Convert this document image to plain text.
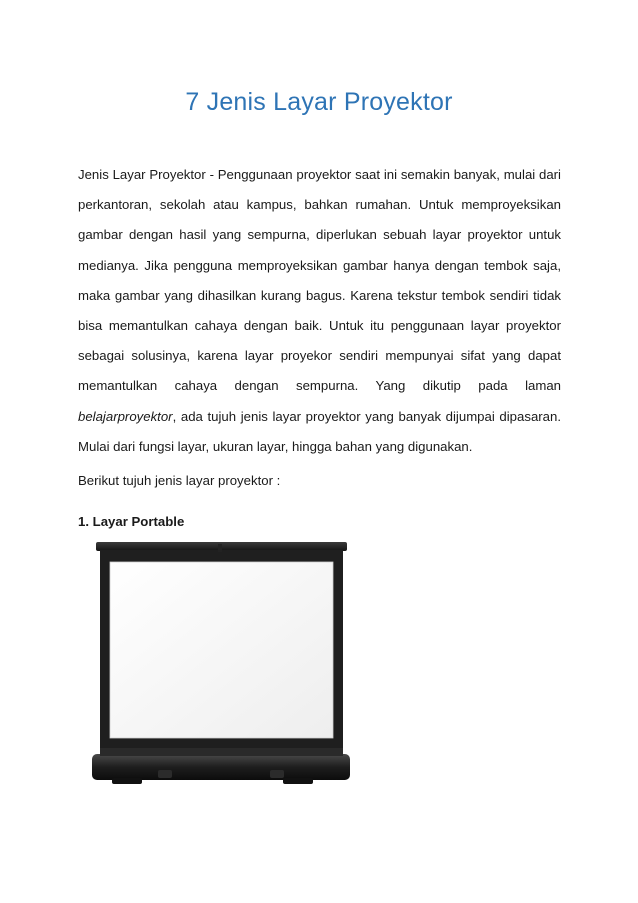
7 Jenis Layar Proyektor

Jenis Layar Proyektor - Penggunaan proyektor saat ini semakin banyak, mulai dari perkantoran, sekolah atau kampus, bahkan rumahan. Untuk memproyeksikan gambar dengan hasil yang sempurna, diperlukan sebuah layar proyektor untuk medianya. Jika pengguna memproyeksikan gambar hanya dengan tembok saja, maka gambar yang dihasilkan kurang bagus. Karena tekstur tembok sendiri tidak bisa memantulkan cahaya dengan baik. Untuk itu penggunaan layar proyektor sebagai solusinya, karena layar proyekor sendiri mempunyai sifat yang dapat memantulkan cahaya dengan sempurna. Yang dikutip pada laman belajarproyektor, ada tujuh jenis layar proyektor yang banyak dijumpai dipasaran. Mulai dari fungsi layar, ukuran layar, hingga bahan yang digunakan.

Berikut tujuh jenis layar proyektor :

1. Layar Portable
